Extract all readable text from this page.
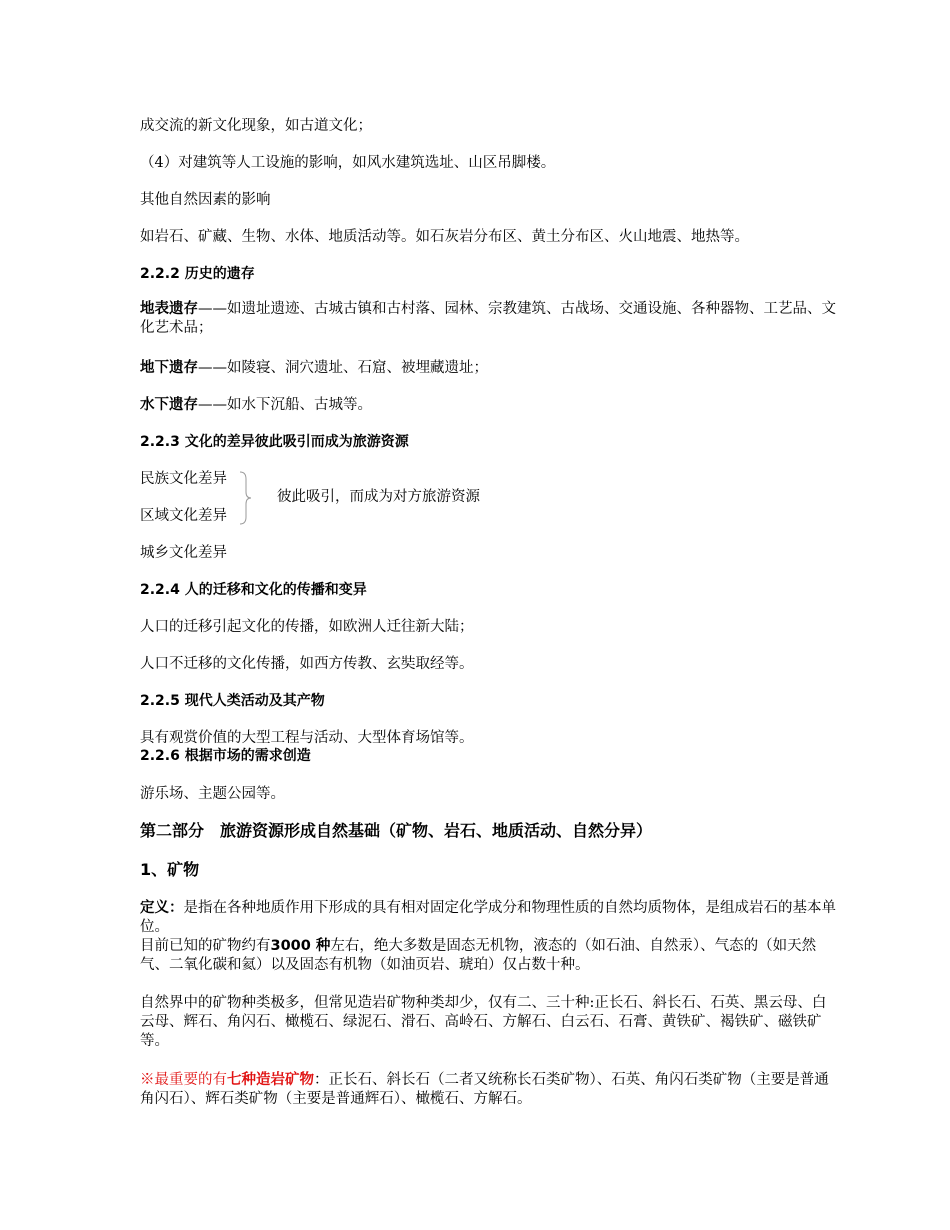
成交流的新文化现象，如古道文化；
（4）对建筑等人工设施的影响，如风水建筑选址、山区吊脚楼。
其他自然因素的影响
如岩石、矿藏、生物、水体、地质活动等。如石灰岩分布区、黄土分布区、火山地震、地热等。
2.2.2 历史的遗存
地表遗存——如遗址遗迹、古城古镇和古村落、园林、宗教建筑、古战场、交通设施、各种器物、工艺品、文化艺术品；
地下遗存——如陵寝、洞穴遗址、石窟、被埋藏遗址；
水下遗存——如水下沉船、古城等。
2.2.3 文化的差异彼此吸引而成为旅游资源
民族文化差异
区域文化差异
彼此吸引，而成为对方旅游资源
城乡文化差异
2.2.4 人的迁移和文化的传播和变异
人口的迁移引起文化的传播，如欧洲人迁往新大陆；
人口不迁移的文化传播，如西方传教、玄奘取经等。
2.2.5 现代人类活动及其产物
具有观赏价值的大型工程与活动、大型体育场馆等。
2.2.6 根据市场的需求创造
游乐场、主题公园等。
第二部分　旅游资源形成自然基础（矿物、岩石、地质活动、自然分异）
1、矿物
定义：是指在各种地质作用下形成的具有相对固定化学成分和物理性质的自然均质物体，是组成岩石的基本单位。
目前已知的矿物约有3000 种左右，绝大多数是固态无机物，液态的（如石油、自然汞）、气态的（如天然气、二氧化碳和氦）以及固态有机物（如油页岩、琥珀）仅占数十种。
自然界中的矿物种类极多，但常见造岩矿物种类却少，仅有二、三十种:正长石、斜长石、石英、黑云母、白云母、辉石、角闪石、橄榄石、绿泥石、滑石、高岭石、方解石、白云石、石膏、黄铁矿、褐铁矿、磁铁矿等。
※最重要的有七种造岩矿物：正长石、斜长石（二者又统称长石类矿物）、石英、角闪石类矿物（主要是普通角闪石）、辉石类矿物（主要是普通辉石）、橄榄石、方解石。
